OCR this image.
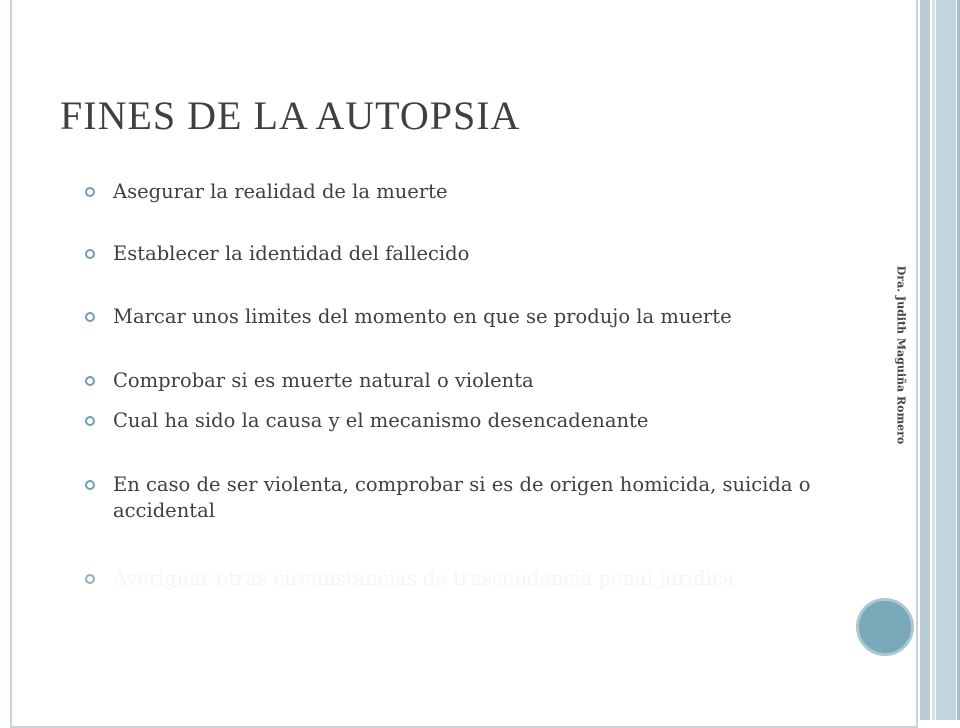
FINES DE LA AUTOPSIA
Asegurar la realidad de la muerte
Establecer la identidad del fallecido
Marcar unos limites del momento en que se produjo la muerte
Comprobar si es muerte natural o violenta
Cual ha sido la causa y el mecanismo desencadenante
En caso de ser violenta, comprobar si es de origen homicida, suicida o accidental
Averiguar otras circunstancias de trascendencia penal jurídica
Dra. Judith Maguiña Romero
